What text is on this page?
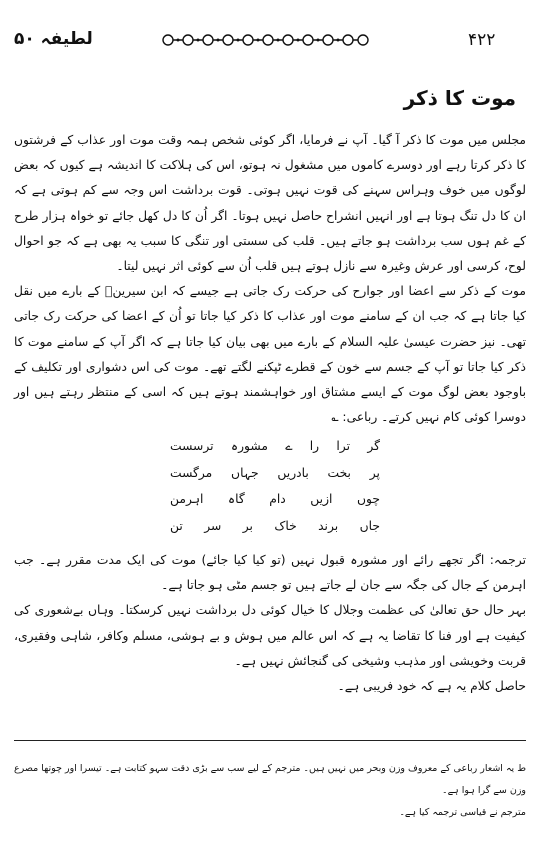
۴۲۲
لطیفہ ۵۰
موت کا ذکر

مجلس میں موت کا ذکر آ گیا۔ آپ نے فرمایا، اگر کوئی شخص ہمہ وقت موت اور عذاب کے فرشتوں کا ذکر کرتا رہے اور دوسرے کاموں میں مشغول نہ ہوتو، اس کی ہلاکت کا اندیشہ ہے کیوں کہ بعض لوگوں میں خوف وہراس سہنے کی قوت نہیں ہوتی۔ قوت برداشت اس وجہ سے کم ہوتی ہے کہ ان کا دل تنگ ہوتا ہے اور انہیں انشراح حاصل نہیں ہوتا۔ اگر اُن کا دل کھل جائے تو خواہ ہزار طرح کے غم ہوں سب برداشت ہو جاتے ہیں۔ قلب کی سستی اور تنگی کا سبب یہ بھی ہے کہ جو احوال لوح، کرسی اور عرش وغیرہ سے نازل ہوتے ہیں قلب اُن سے کوئی اثر نہیں لیتا۔

موت کے ذکر سے اعضا اور جوارح کی حرکت رک جاتی ہے جیسے کہ ابن سیرینؒ کے بارے میں نقل کیا جاتا ہے کہ جب ان کے سامنے موت اور عذاب کا ذکر کیا جاتا تو اُن کے اعضا کی حرکت رک جاتی تھی۔ نیز حضرت عیسیٰ علیہ السلام کے بارے میں بھی بیان کیا جاتا ہے کہ اگر آپ کے سامنے موت کا ذکر کیا جاتا تو آپ کے جسم سے خون کے قطرے ٹپکنے لگتے تھے۔ موت کی اس دشواری اور تکلیف کے باوجود بعض لوگ موت کے ایسے مشتاق اور خواہشمند ہوتے ہیں کہ اسی کے منتظر رہتے ہیں اور دوسرا کوئی کام نہیں کرتے۔ رباعی: ؎

گر ترا را ے مشورہ ترسست
پر بخت بادریں جہاں مرگست
چوں ازیں دام گاہ اہرمن
جاں برند خاک بر سر تن

ترجمہ: اگر تجھے رائے اور مشورہ قبول نہیں (تو کیا کیا جائے) موت کی ایک مدت مقرر ہے۔ جب اہرمن کے جال کی جگہ سے جان لے جاتے ہیں تو جسم مٹی ہو جاتا ہے۔

بہر حال حق تعالیٰ کی عظمت وجلال کا خیال کوئی دل برداشت نہیں کرسکتا۔ وہاں بےشعوری کی کیفیت ہے اور فنا کا تقاضا یہ ہے کہ اس عالم میں ہوش و بے ہوشی، مسلم وکافر، شاہی وفقیری، قربت وخویشی اور مذہب وشیخی کی گنجائش نہیں ہے۔

حاصل کلام یہ ہے کہ خود فریبی ہے۔

ط یہ اشعار رباعی کے معروف وزن وبحر میں نہیں ہیں۔ مترجم کے لیے سب سے بڑی دقت سہو کتابت ہے۔ تیسرا اور چوتھا مصرع وزن سے گرا ہوا ہے۔

مترجم نے قیاسی ترجمہ کیا ہے۔
